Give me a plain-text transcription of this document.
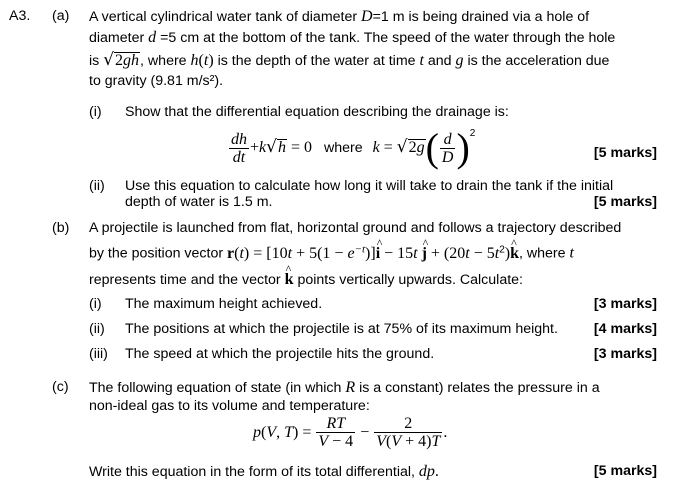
A3. (a) A vertical cylindrical water tank of diameter D=1 m is being drained via a hole of
diameter d =5 cm at the bottom of the tank. The speed of the water through the hole
is √2gh, where h(t) is the depth of the water at time t and g is the acceleration due
to gravity (9.81 m/s²).
(i) Show that the differential equation describing the drainage is:
$\frac{dh}{dt} +k√h = 0$ where $k = √2g( \frac{d}{D} )^2$
[5 marks]
(ii) Use this equation to calculate how long it will take to drain the tank if the initial
depth of water is 1.5 m.	[5 marks]
(b) A projectile is launched from flat, horizontal ground and follows a trajectory described
by the position vector $r(t) = [10t + 5(1 - e^{-t})]\^{}$ i − 15t ^ $j + (20t - 5t^2)\^{}$ k, where t
represents time and the vector ^ k points vertically upwards. Calculate:
(i) The maximum height achieved.	[3 marks]
(ii) The positions at which the projectile is at 75% of its maximum height.	[4 marks]
(iii) The speed at which the projectile hits the ground.	[3 marks]
(c) The following equation of state (in which R is a constant) relates the pressure in a
non-ideal gas to its volume and temperature:
p(V, $T) = \frac{RT}{V - 4} - \frac{2}{V(V + 4)T}$ .
Write this equation in the form of its total differential, dp.	[5 marks]
